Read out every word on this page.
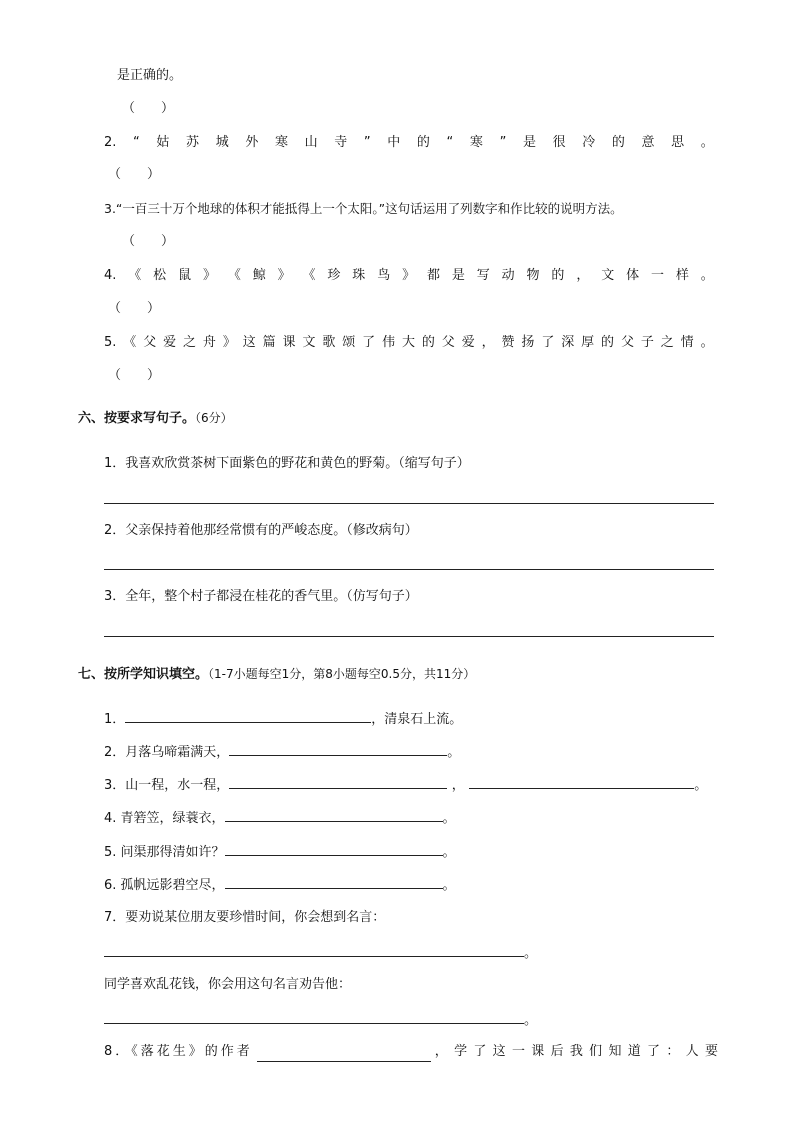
是正确的。
（　　）
2. “ 姑 苏 城 外 寒 山 寺 ” 中 的 “ 寒 ” 是 很 冷 的 意 思 。
（　　）
3.“一百三十万个地球的体积才能抵得上一个太阳。”这句话运用了列数字和作比较的说明方法。
（　　）
4. 《 松 鼠 》 《 鲸 》 《 珍 珠 鸟 》 都 是 写 动 物 的 ， 文 体 一 样 。
（　　）
5. 《 父 爱 之 舟 》 这 篇 课 文 歌 颂 了 伟 大 的 父 爱 ， 赞 扬 了 深 厚 的 父 子 之 情 。
（　　）
六、按要求写句子。（6分）
1．我喜欢欣赏茶树下面紫色的野花和黄色的野菊。（缩写句子）
2．父亲保持着他那经常惯有的严峻态度。（修改病句）
3．全年，整个村子都浸在桂花的香气里。（仿写句子）
七、按所学知识填空。（1-7小题每空1分，第8小题每空0.5分，共11分）
1．	，清泉石上流。
2．月落乌啼霜满天，	。
3．山一程，水一程，	，	。
4. 青箬笠，绿蓑衣，	。
5. 问渠那得清如许？	。
6. 孤帆远影碧空尽，	。
7．要劝说某位朋友要珍惜时间，你会想到名言：
。
同学喜欢乱花钱，你会用这句名言劝告他：
。
8．《落花生》的作者	， 学 了 这 一 课 后 我 们 知 道 了 ： 人 要
